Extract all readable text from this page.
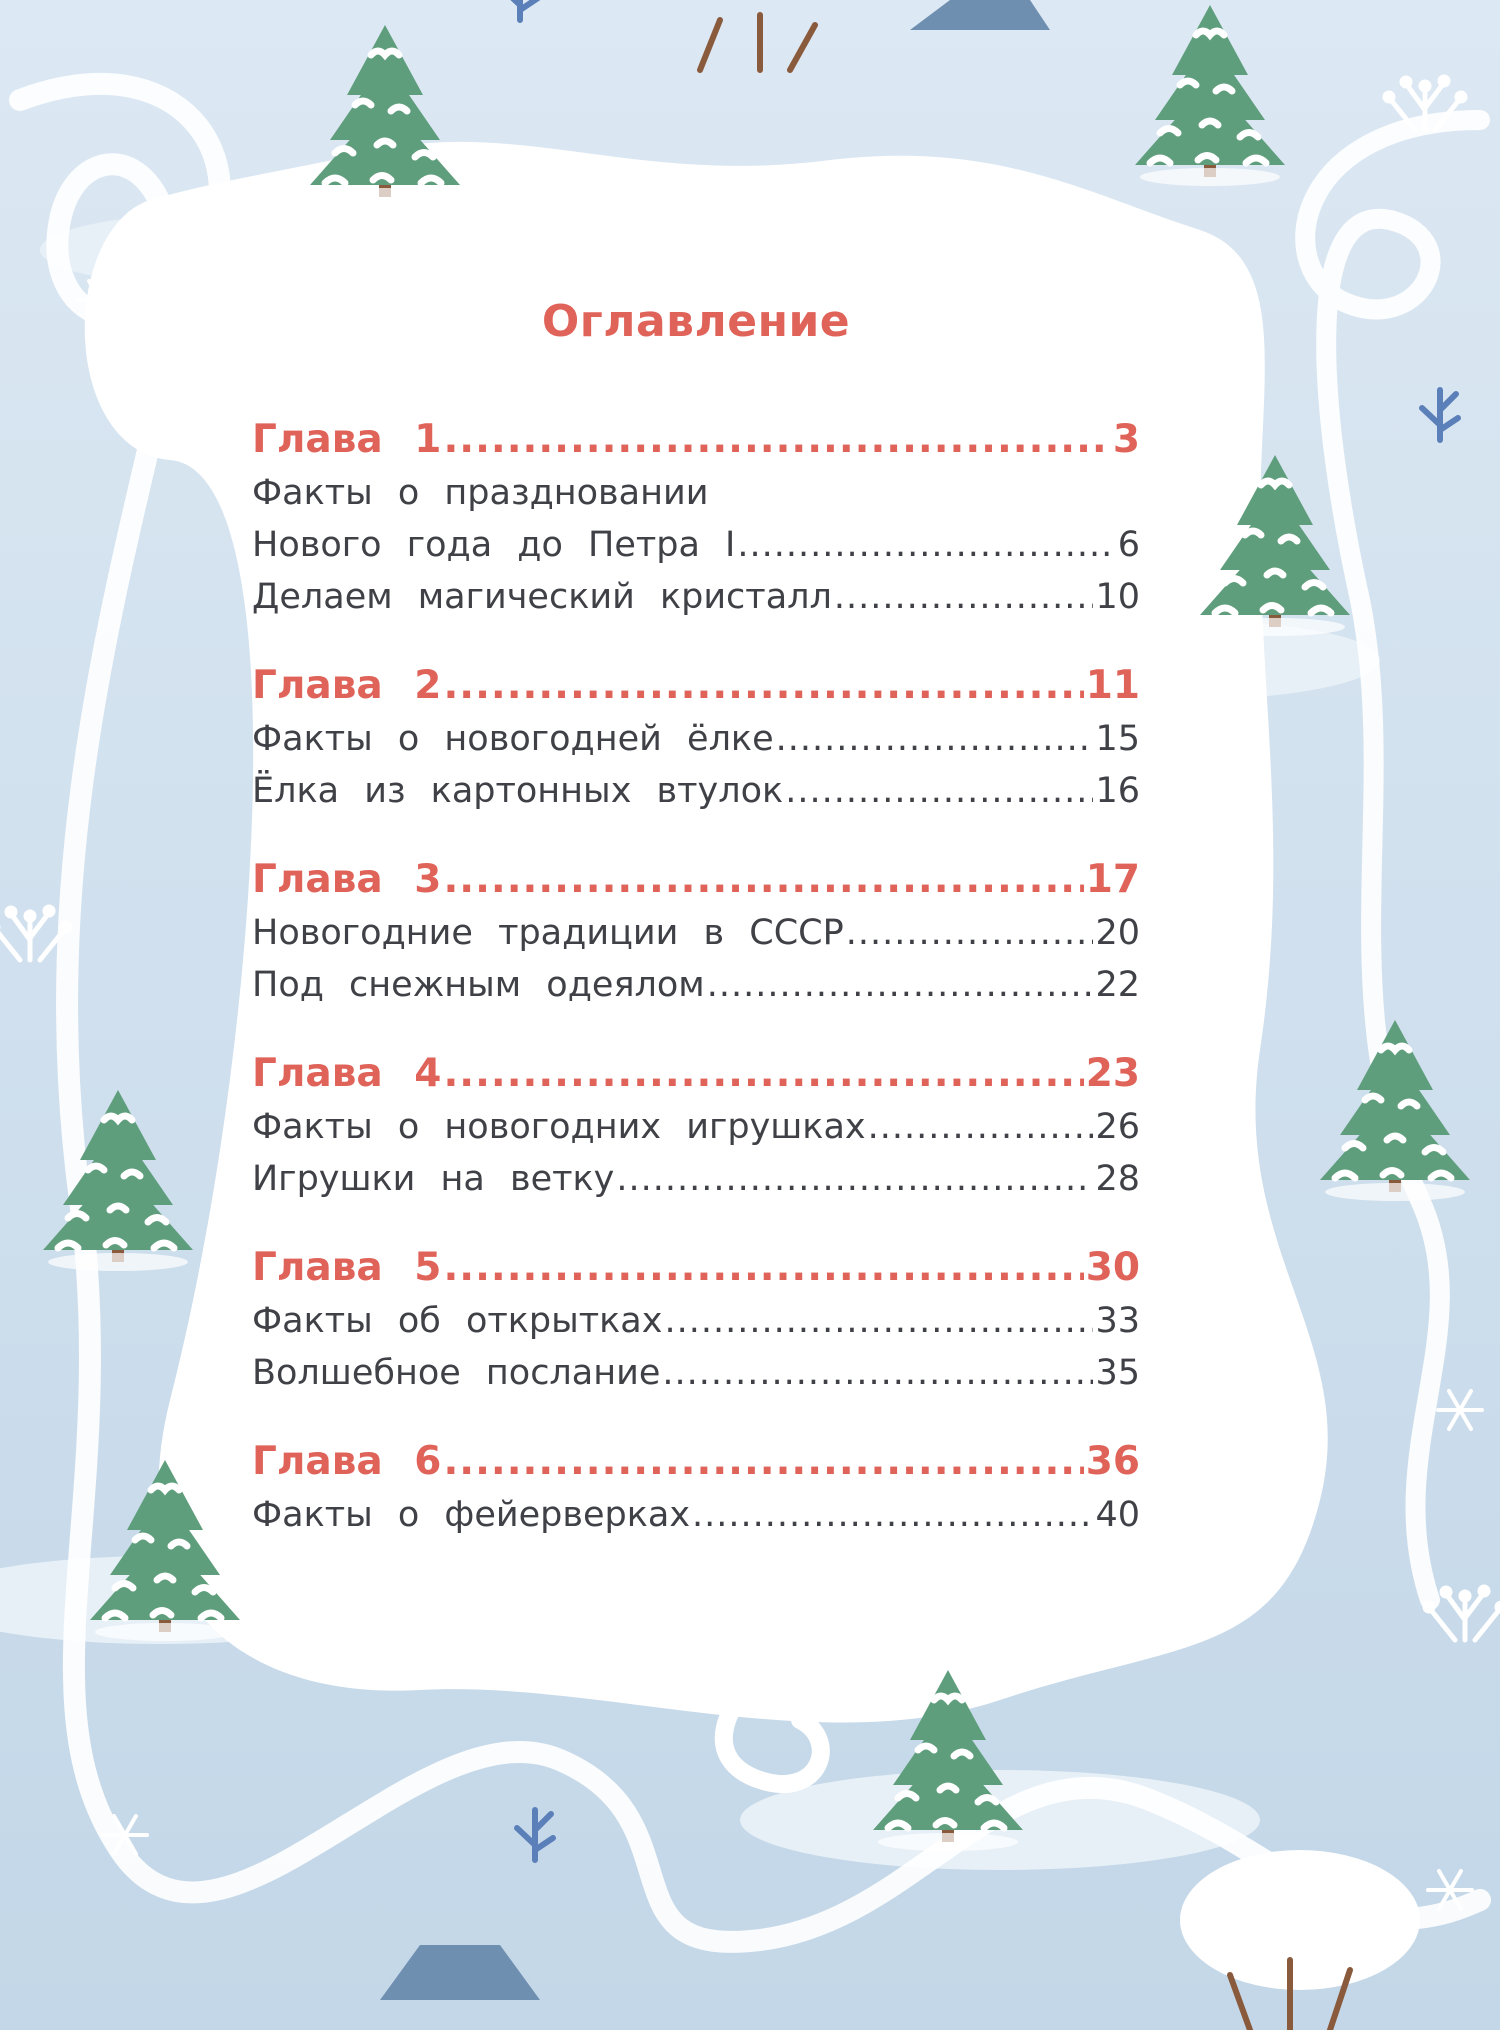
Оглавление
Глава 1 .....	3
Факты о праздновании
Нового года до Петра I .....	6
Делаем магический кристалл .....	10
Глава 2 .....	11
Факты о новогодней ёлке .....	15
Ёлка из картонных втулок .....	16
Глава 3 .....	17
Новогодние традиции в СССР .....	20
Под снежным одеялом .....	22
Глава 4 .....	23
Факты о новогодних игрушках .....	26
Игрушки на ветку .....	28
Глава 5 .....	30
Факты об открытках .....	33
Волшебное послание .....	35
Глава 6 .....	36
Факты о фейерверках .....	40
